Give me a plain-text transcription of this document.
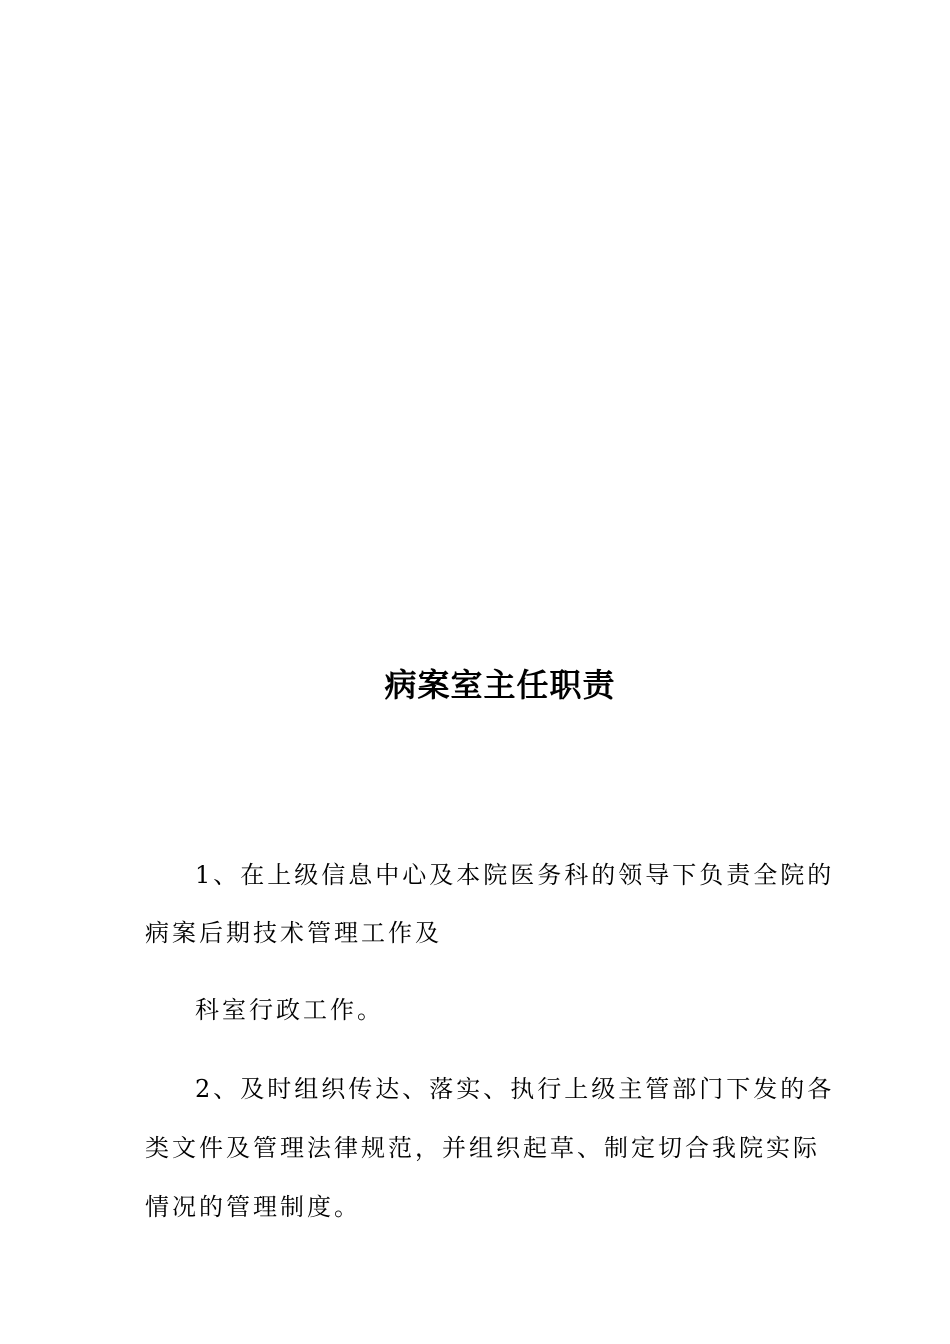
病案室主任职责
1、在上级信息中心及本院医务科的领导下负责全院的
病案后期技术管理工作及
科室行政工作。
2、及时组织传达、落实、执行上级主管部门下发的各
类文件及管理法律规范，并组织起草、制定切合我院实际
情况的管理制度。
